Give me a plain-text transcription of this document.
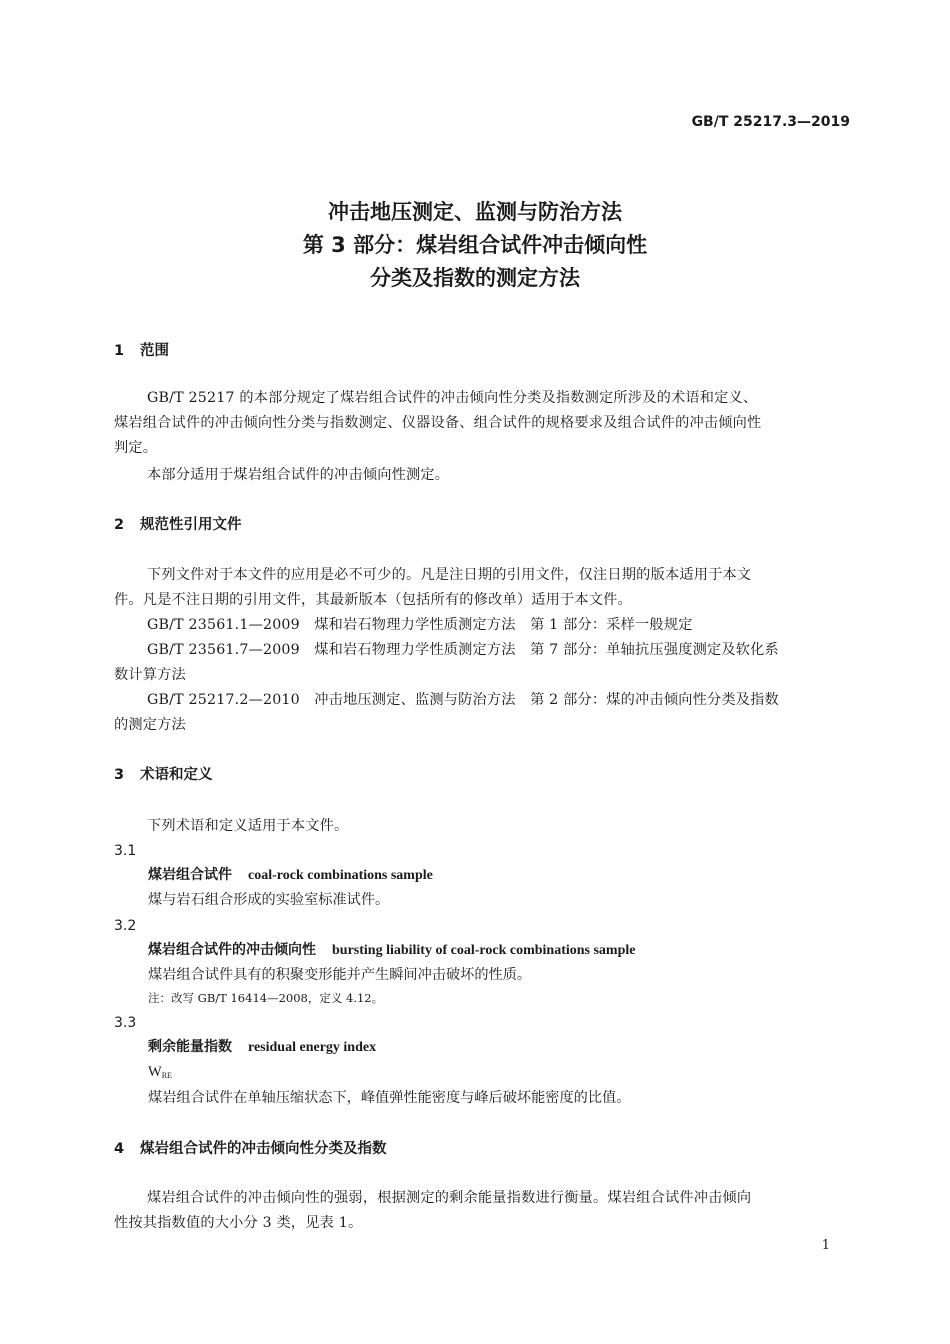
GB/T 25217.3—2019
冲击地压测定、监测与防治方法
第 3 部分：煤岩组合试件冲击倾向性
分类及指数的测定方法
1 范围
GB/T 25217 的本部分规定了煤岩组合试件的冲击倾向性分类及指数测定所涉及的术语和定义、
煤岩组合试件的冲击倾向性分类与指数测定、仪器设备、组合试件的规格要求及组合试件的冲击倾向性
判定。
本部分适用于煤岩组合试件的冲击倾向性测定。
2 规范性引用文件
下列文件对于本文件的应用是必不可少的。凡是注日期的引用文件，仅注日期的版本适用于本文
件。凡是不注日期的引用文件，其最新版本（包括所有的修改单）适用于本文件。
GB/T 23561.1—2009　煤和岩石物理力学性质测定方法　第 1 部分：采样一般规定
GB/T 23561.7—2009　煤和岩石物理力学性质测定方法　第 7 部分：单轴抗压强度测定及软化系
数计算方法
GB/T 25217.2—2010　冲击地压测定、监测与防治方法　第 2 部分：煤的冲击倾向性分类及指数
的测定方法
3 术语和定义
下列术语和定义适用于本文件。
3.1
煤岩组合试件 coal-rock combinations sample
煤与岩石组合形成的实验室标准试件。
3.2
煤岩组合试件的冲击倾向性 bursting liability of coal-rock combinations sample
煤岩组合试件具有的积聚变形能并产生瞬间冲击破坏的性质。
注：改写 GB/T 16414—2008，定义 4.12。
3.3
剩余能量指数 residual energy index
$W_{RE}$
煤岩组合试件在单轴压缩状态下，峰值弹性能密度与峰后破坏能密度的比值。
4 煤岩组合试件的冲击倾向性分类及指数
煤岩组合试件的冲击倾向性的强弱，根据测定的剩余能量指数进行衡量。煤岩组合试件冲击倾向
性按其指数值的大小分 3 类，见表 1。
1
